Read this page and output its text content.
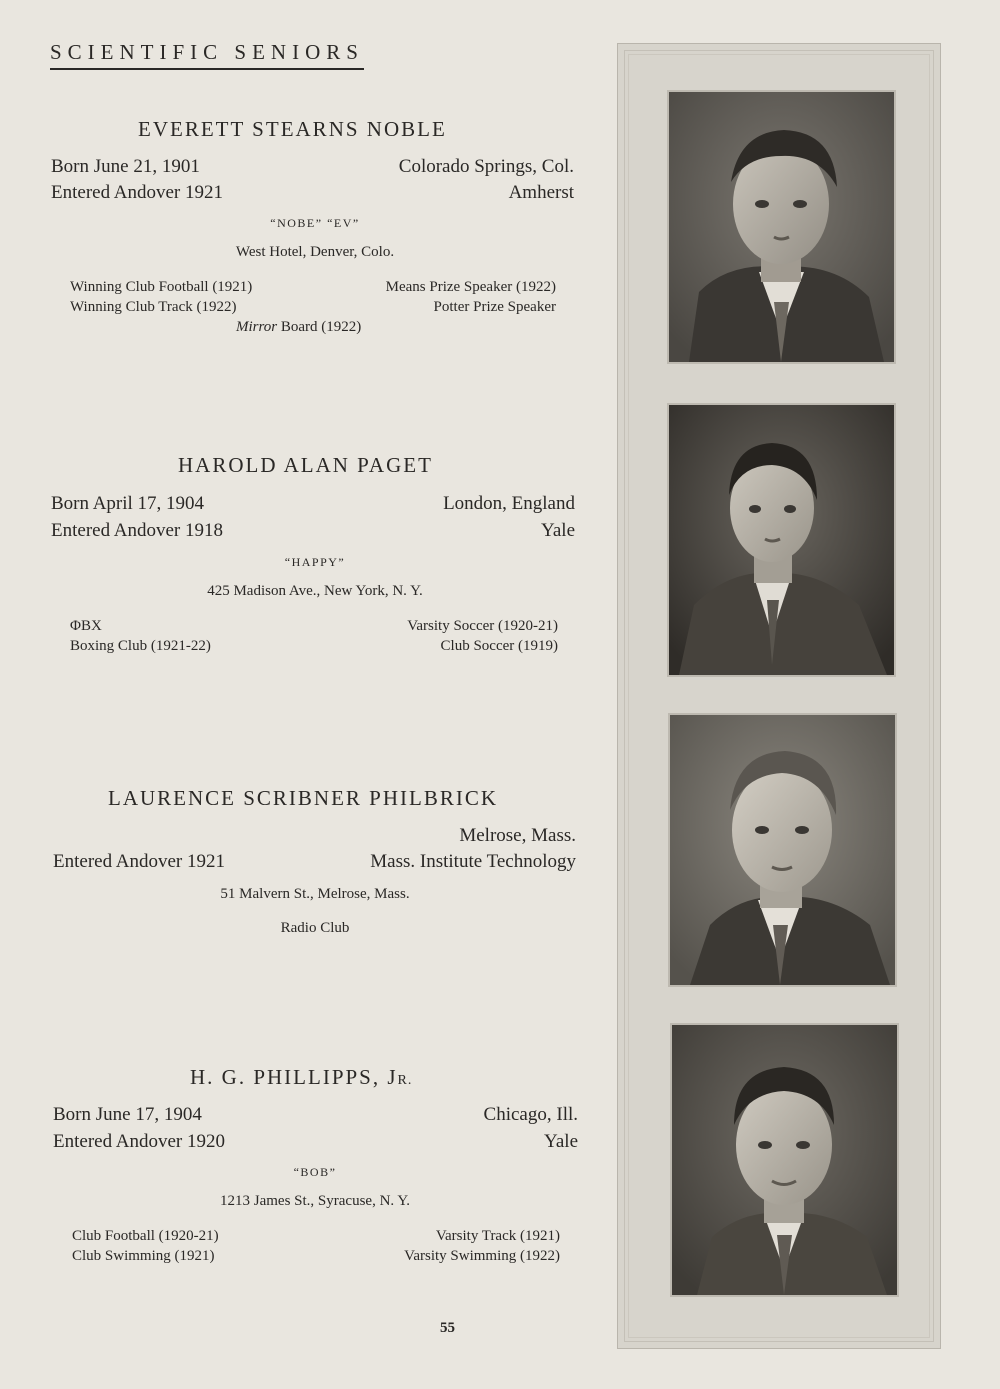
SCIENTIFIC SENIORS
EVERETT STEARNS NOBLE
Born June 21, 1901	Colorado Springs, Col.
Entered Andover 1921	Amherst
“NOBE” “EV”
West Hotel, Denver, Colo.
Winning Club Football (1921)	Means Prize Speaker (1922)
Winning Club Track (1922)	Potter Prize Speaker
Mirror Board (1922)
HAROLD ALAN PAGET
Born April 17, 1904	London, England
Entered Andover 1918	Yale
“HAPPY”
425 Madison Ave., New York, N. Y.
ΦBX	Varsity Soccer (1920-21)
Boxing Club (1921-22)	Club Soccer (1919)
LAURENCE SCRIBNER PHILBRICK
Melrose, Mass.
Entered Andover 1921	Mass. Institute Technology
51 Malvern St., Melrose, Mass.
Radio Club
H. G. PHILLIPPS, JR.
Born June 17, 1904	Chicago, Ill.
Entered Andover 1920	Yale
“BOB”
1213 James St., Syracuse, N. Y.
Club Football (1920-21)	Varsity Track (1921)
Club Swimming (1921)	Varsity Swimming (1922)
55
